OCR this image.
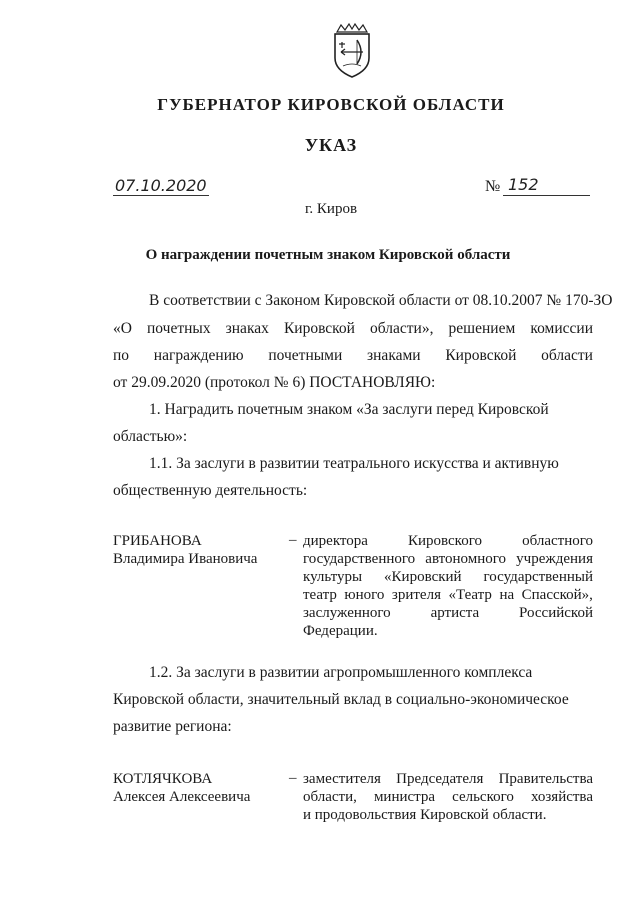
ГУБЕРНАТОР КИРОВСКОЙ ОБЛАСТИ
УКАЗ
07.10.2020	№ 152
г. Киров
О награждении почетным знаком Кировской области
В соответствии с Законом Кировской области от 08.10.2007 № 170-ЗО
«О почетных знаках Кировской области», решением комиссии
по награждению почетными знаками Кировской области
от 29.09.2020 (протокол № 6) ПОСТАНОВЛЯЮ:
1. Наградить почетным знаком «За заслуги перед Кировской
областью»:
1.1. За заслуги в развитии театрального искусства и активную
общественную деятельность:
ГРИБАНОВА
Владимира Ивановича
– директора	Кировского	областного
государственного автономного учреждения
культуры «Кировский государственный
театр юного зрителя «Театр на Спасской»,
заслуженного	артиста	Российской
Федерации.
1.2. За заслуги в развитии агропромышленного комплекса
Кировской области, значительный вклад в социально-экономическое
развитие региона:
КОТЛЯЧКОВА
Алексея Алексеевича
– заместителя Председателя Правительства
области, министра сельского хозяйства
и продовольствия Кировской области.
